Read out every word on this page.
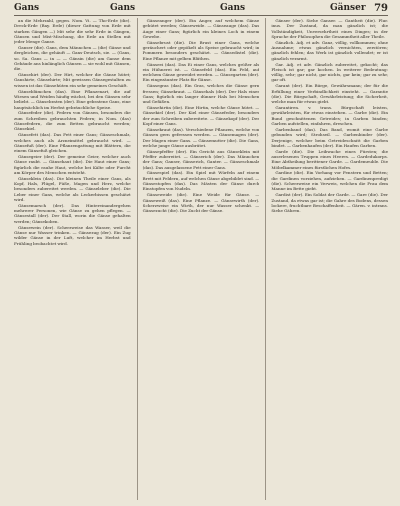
Gans	Gans	Gans	Gänser 79

an die Mehrzahl, gegen. Nom. Vi. — Tho-Erde (die). Dreck-Erde (Bay. Erde) (dieser Gattung von Erde mit starken Gängen —) Mit sehr die sehr Erde in Gängen, Gänsen und Mist-Mischung, die Erde an Stellen mit jeder Menge Ganse.

Ganser (die). Gans, dem Männchen — (die) Gänse und dergleichen, die gehäuft — Gans-Deutsch, sie. — (Gans, so. Sa. Gans — in — — Gänsin (die) am Ganse dem Gebäude ans hinlänglich Gänsen — sie wohl mit Gänsen, die.

Gänsehirt (der). Der Hirt, welcher die Gänse hütet; Ganshirte, Gänsehirte; Mit gewissen Gänsegestalten zu wissen ist das Gänsehüten ein sehr gemeines Geschäft.

Gänseblümchen (das). Eine Pflanzenart, die auf Wiesen und Weiden häufig wächst, bei den Gänsen sehr beliebt. — Gänsebraten (der). Eine gebratene Gans, eine hauptsächlich im Herbst gebräuchliche Speise.

Gänsefeder (die). Federn von Gänsen, besonders die zum Schreiben gebrauchten Federn; in Nom. (das) Gänsefedern, die zum Betten gebraucht werden; Gänsekiel.

Gänsefett (das). Das Fett einer Gans; Gänseschmalz, welches auch als Arzneimittel gebraucht wird. — Gänsefuß (der). Eine Pflanzengattung mit Blättern, die einem Gänsefuß gleichen.

Gänsegeier (der). Der gemeine Geier, welcher auch Gänse raubt. — Gänsehaut (die). Die Haut einer Gans; figürlich die rauhe Haut, welche bei Kälte oder Furcht am Körper des Menschen entsteht.

Gänseklein (das). Die kleinen Theile einer Gans, als Kopf, Hals, Flügel, Füße, Magen und Herz, welche besonders zubereitet werden. — Gänseleber (die). Die Leber einer Gans, welche als Leckerbissen geschätzt wird.

Gänsemarsch (der). Das Hintereinandergehen mehrerer Personen, wie Gänse zu gehen pflegen. — Gänsestall (der). Der Stall, worin die Gänse gehalten werden; Gänsekoben.

Gänsewein (der). Scherzweise das Wasser, weil die Gänse nur Wasser trinken. — Gänsezug (der). Ein Zug wilder Gänse in der Luft, welcher im Herbst und Frühling beobachtet wird.

Gänseanger (der). Ein Anger, auf welchem Gänse gehütet werden; Gänseweide. — Gänseauge (das). Das Auge einer Gans; figürlich ein kleines Loch in einem Gewebe.

Gänsebrust (die). Die Brust einer Gans, welche geräuchert oder gepökelt als Speise gebraucht wird; in Pommern besonders geschätzt. — Gänsedistel (die). Eine Pflanze mit gelben Blüthen.

Gänseei (das). Das Ei einer Gans, welches größer als ein Hühnerei ist. — Gänsefeld (das). Ein Feld, auf welchem Gänse geweidet werden. — Gänsegarten (der). Ein eingezäunter Platz für Gänse.

Gänsegras (das). Ein Gras, welches die Gänse gern fressen; Gänsekraut. — Gänsehals (der). Der Hals einer Gans; figürlich ein langer dünner Hals bei Menschen und Gefäßen.

Gänsehirtin (die). Eine Hirtin, welche Gänse hütet. — Gänsekiel (der). Der Kiel einer Gänsefeder, besonders der zum Schreiben zubereitete. — Gänsekopf (der). Der Kopf einer Gans.

Gänsekraut (das). Verschiedene Pflanzen, welche von Gänsen gern gefressen werden. — Gänsemagen (der). Der Magen einer Gans. — Gänsemutter (die). Die Gans, welche junge Gänse ausbrütet.

Gänsepfeffer (der). Ein Gericht aus Gänseklein mit Pfeffer zubereitet. — Gänserich (der). Das Männchen der Gans; Ganser, Gänserich, Ganter. — Gänseschmalz (das). Das ausgelassene Fett einer Gans.

Gänsespiel (das). Ein Spiel mit Würfeln auf einem Brett mit Feldern, auf welchen Gänse abgebildet sind. — Gänsestopfen (das). Das Mästen der Gänse durch Einstopfen von Nudeln.

Gänseweide (die). Eine Weide für Gänse. — Gänseweiß (das). Eine Pflanze. — Gänsewirth (der). Scherzweise ein Wirth, der nur Wasser schenkt. — Gänsezucht (die). Die Zucht der Gänse.

Gänser (der). Siehe Ganser. — Gantheit (die). Plur. inus. Der Zustand, da man gänzlich ist; die Vollständigkeit, Unversehrtheit eines Dinges; in der Sprache der Philosophen die Gesammtheit aller Theile.

Gänzlich. Adj. et adv. Ganz, völlig, vollkommen; ohne Ausnahme; etwas gänzlich vernichten, zerstören; gänzlich fehlen; das Werk ist gänzlich vollendet; er ist gänzlich verarmt.

Gar. Adj. et adv. Gänzlich zubereitet, gekocht; das Fleisch ist gar; gar kochen. In weiterer Bedeutung: völlig, sehr; gar nicht, gar nichts, gar kein; gar zu sehr, gar oft.

Garant (der). Ein Bürge, Gewährsmann; der für die Erfüllung einer Verbindlichkeit einsteht. — Garantie (die). Die Bürgschaft, Gewährleistung; die Sicherheit, welche man für etwas giebt.

Garantiren. v. trans. Bürgschaft leisten, gewährleisten, für etwas einstehen. — Garbe (die). Ein Bund geschnittenen Getreides; in Garben binden; Garben aufstellen, einfahren, dreschen.

Garbenband (das). Das Band, womit eine Garbe gebunden wird; Strohseil. — Garbenbinder (der). Derjenige, welcher beim Getreideschnitt die Garben bindet. — Garbenhaufen (der). Ein Haufen Garben.

Garde (die). Die Leibwache eines Fürsten; die auserlesenen Truppen eines Heeres. — Gardedukorps. Eine Abtheilung berittener Garde. — Gardemeuble. Die Möbelkammer eines fürstlichen Hofes.

Gardine (die). Ein Vorhang vor Fenstern und Betten; die Gardinen vorziehen, aufziehen. — Gardinenpredigt (die). Scherzweise ein Verweis, welchen die Frau dem Manne im Bette giebt.

Gardist (der). Ein Soldat der Garde. — Gare (die). Der Zustand, da etwas gar ist; die Gahre des Bodens, dessen lockere, fruchtbare Beschaffenheit. — Gären. v. intrans. Siehe Gähren.
